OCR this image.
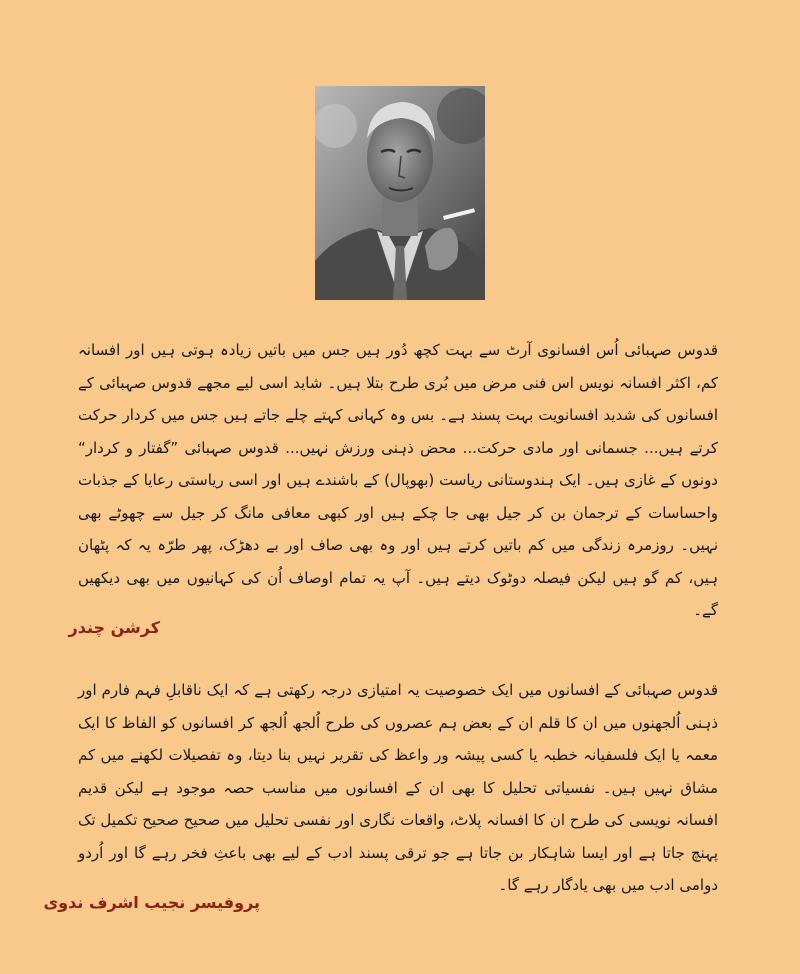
قدوس صہبائی اُس افسانوی آرٹ سے بہت کچھ دُور ہیں جس میں باتیں زیادہ ہوتی ہیں اور افسانہ کم، اکثر افسانہ نویس اس فنی مرض میں بُری طرح بتلا ہیں۔ شاید اسی لیے مجھے قدوس صہبائی کے افسانوں کی شدید افسانویت بہت پسند ہے۔ بس وہ کہانی کہتے چلے جاتے ہیں جس میں کردار حرکت کرتے ہیں... جسمانی اور مادی حرکت... محض ذہنی ورزش نہیں... قدوس صہبائی ”گفتار و کردار“ دونوں کے غازی ہیں۔ ایک ہندوستانی ریاست (بھوپال) کے باشندے ہیں اور اسی ریاستی رعایا کے جذبات واحساسات کے ترجمان بن کر جیل بھی جا چکے ہیں اور کبھی معافی مانگ کر جیل سے چھوٹے بھی نہیں۔ روزمرہ زندگی میں کم باتیں کرتے ہیں اور وہ بھی صاف اور بے دھڑک، پھر طرّہ یہ کہ پٹھان ہیں، کم گو ہیں لیکن فیصلہ دوٹوک دیتے ہیں۔ آپ یہ تمام اوصاف اُن کی کہانیوں میں بھی دیکھیں گے۔
کرشن چندر
قدوس صہبائی کے افسانوں میں ایک خصوصیت یہ امتیازی درجہ رکھتی ہے کہ ایک ناقابلِ فہم فارم اور ذہنی اُلجھنوں میں ان کا قلم ان کے بعض ہم عصروں کی طرح اُلجھ اُلجھ کر افسانوں کو الفاظ کا ایک معمہ یا ایک فلسفیانہ خطبہ یا کسی پیشہ ور واعظ کی تقریر نہیں بنا دیتا، وہ تفصیلات لکھنے میں کم مشاق نہیں ہیں۔ نفسیاتی تحلیل کا بھی ان کے افسانوں میں مناسب حصہ موجود ہے لیکن قدیم افسانہ نویسی کی طرح ان کا افسانہ پلاٹ، واقعات نگاری اور نفسی تحلیل میں صحیح صحیح تکمیل تک پہنچ جاتا ہے اور ایسا شاہکار بن جاتا ہے جو ترقی پسند ادب کے لیے بھی باعثِ فخر رہے گا اور اُردو دوامی ادب میں بھی یادگار رہے گا۔
پروفیسر نجیب اشرف ندوی
